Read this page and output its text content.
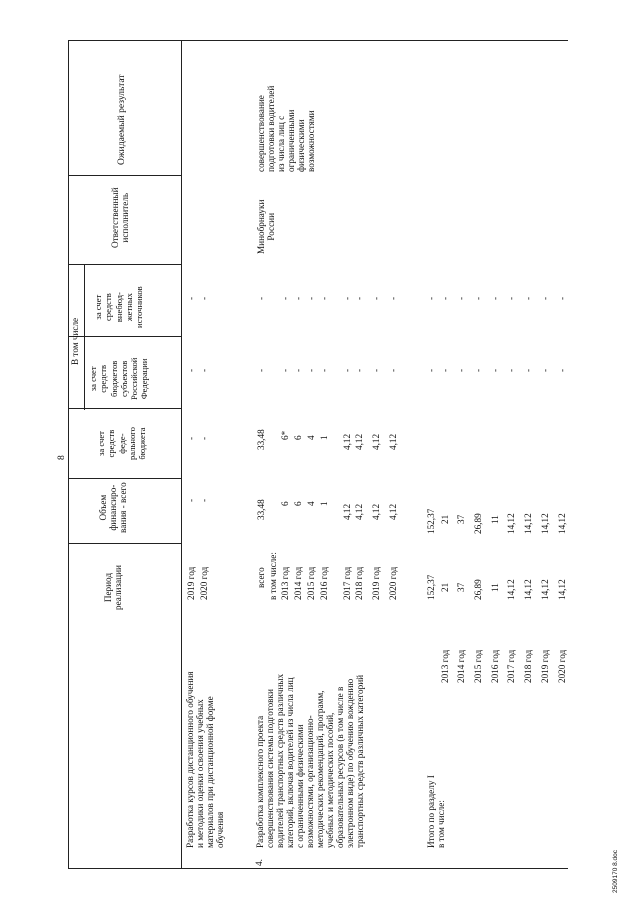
8
Период
реализации
Объем
финансиро-
вания - всего
В том числе
за счет
средств
феде-
рального
бюджета
за счет
средств
бюджетов
субъектов
Российской
Федерации
за счет
средств
внебюд-
жетных
источников
Ответственный
исполнитель
Ожидаемый результат
Разработка курсов дистанционного обучения
и методики оценки освоения учебных
материалов при дистанционной форме
обучения
2019 год 2020 год
- -
- -
- -
- -
4.
Разработка комплексного проекта
совершенствования системы подготовки
водителей транспортных средств различных
категорий, включая водителей из числа лиц
с ограниченными физическими
возможностями, организационно-
методических рекомендаций, программ,
учебных и методических пособий,
образовательных ресурсов (в том числе в
электронном виде) по обучению вождению
транспортных средств различных категорий
всего в том числе: 2013 год 2014 год 2015 год 2016 год 2017 год 2018 год 2019 год 2020 год
33,48 6 6 4 1
4,12 4,12 4,12 4,12
33,48 6* 6 4 1 4,12 4,12 4,12 4,12
- - - - - - - - -
- - - - - - - - -
Минобрнауки
России
совершенствование
подготовки водителей
из числа лиц с
ограниченными
физическими
возможностями
Итого по разделу I
в том числе:
2013 год 2014 год 2015 год 2016 год 2017 год 2018 год 2019 год 2020 год
152,37 21 37 26,89 11 14,12 14,12 14,12 14,12
152,37 21 37 26,89 11 14,12 14,12 14,12 14,12
- - - - - - - - -
- - - - - - - - -
2509170 8.doc
